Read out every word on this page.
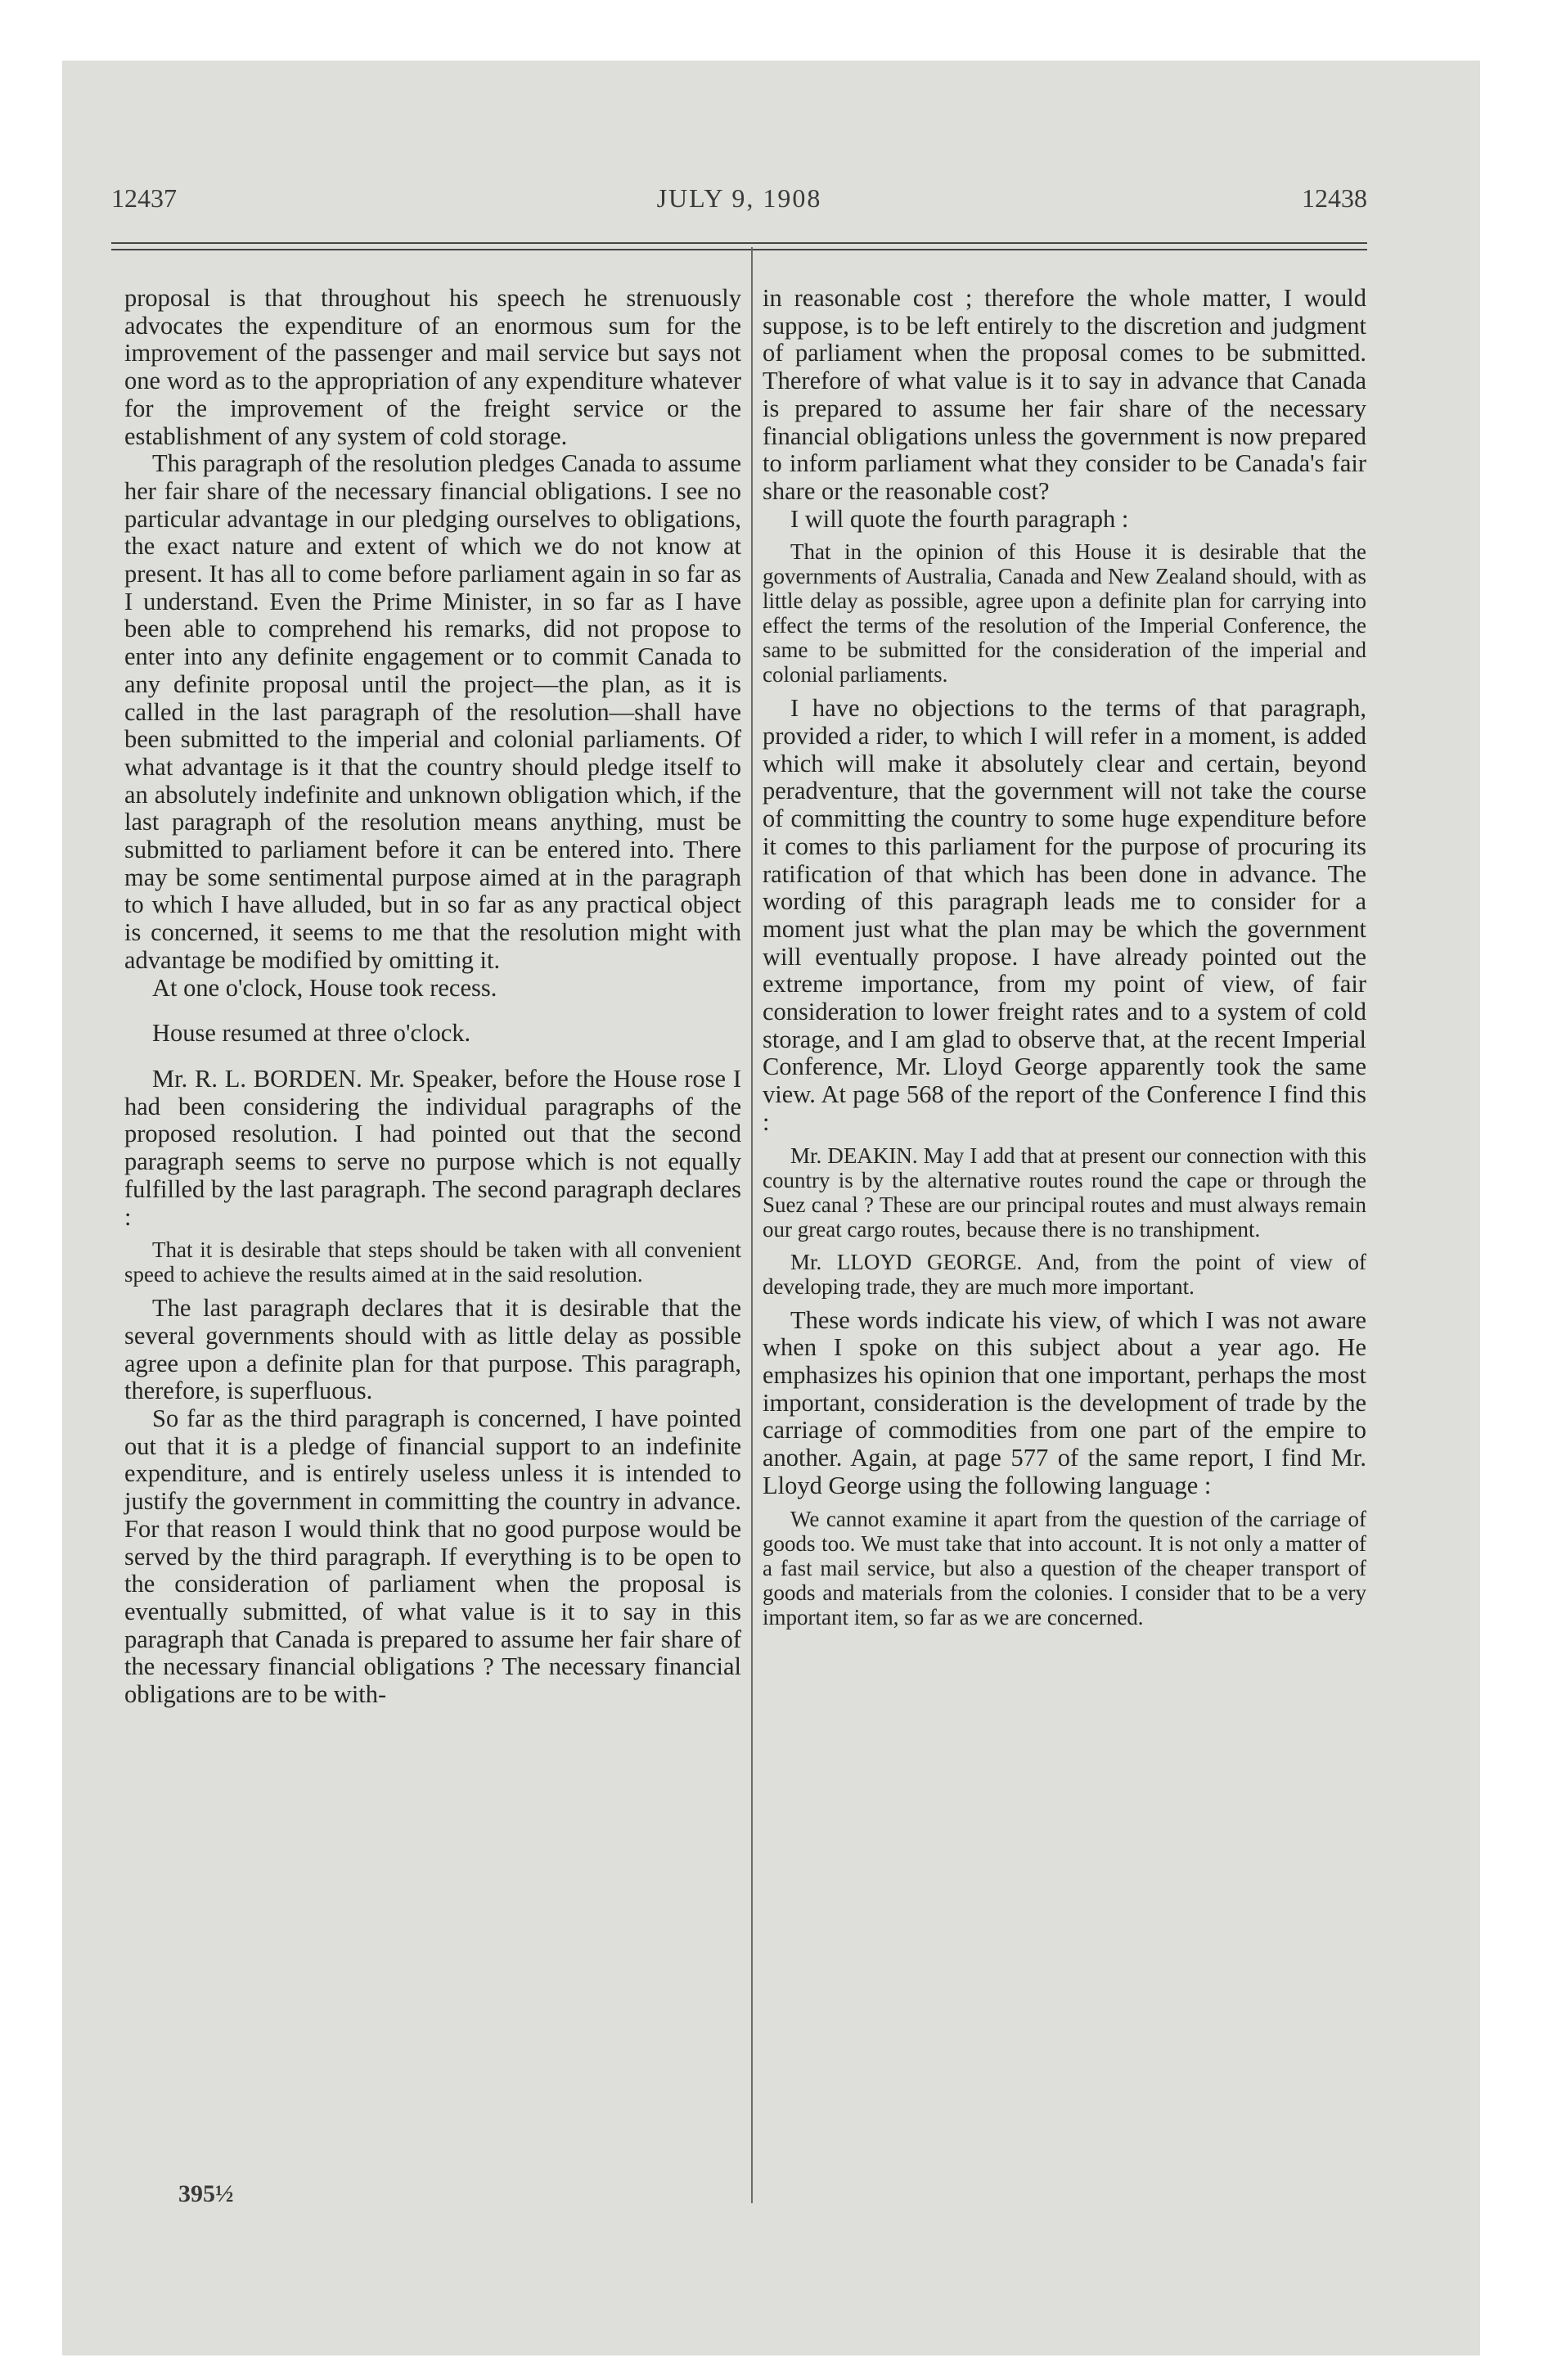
12437	JULY 9, 1908	12438

proposal is that throughout his speech he strenuously advocates the expenditure of an enormous sum for the improvement of the passenger and mail service but says not one word as to the appropriation of any expenditure whatever for the improvement of the freight service or the establishment of any system of cold storage.

This paragraph of the resolution pledges Canada to assume her fair share of the necessary financial obligations. I see no particular advantage in our pledging ourselves to obligations, the exact nature and extent of which we do not know at present. It has all to come before parliament again in so far as I understand. Even the Prime Minister, in so far as I have been able to comprehend his remarks, did not propose to enter into any definite engagement or to commit Canada to any definite proposal until the project—the plan, as it is called in the last paragraph of the resolution—shall have been submitted to the imperial and colonial parliaments. Of what advantage is it that the country should pledge itself to an absolutely indefinite and unknown obligation which, if the last paragraph of the resolution means anything, must be submitted to parliament before it can be entered into. There may be some sentimental purpose aimed at in the paragraph to which I have alluded, but in so far as any practical object is concerned, it seems to me that the resolution might with advantage be modified by omitting it.

At one o'clock, House took recess.

House resumed at three o'clock.

Mr. R. L. BORDEN. Mr. Speaker, before the House rose I had been considering the individual paragraphs of the proposed resolution. I had pointed out that the second paragraph seems to serve no purpose which is not equally fulfilled by the last paragraph. The second paragraph declares :

That it is desirable that steps should be taken with all convenient speed to achieve the results aimed at in the said resolution.

The last paragraph declares that it is desirable that the several governments should with as little delay as possible agree upon a definite plan for that purpose. This paragraph, therefore, is superfluous.

So far as the third paragraph is concerned, I have pointed out that it is a pledge of financial support to an indefinite expenditure, and is entirely useless unless it is intended to justify the government in committing the country in advance. For that reason I would think that no good purpose would be served by the third paragraph. If everything is to be open to the consideration of parliament when the proposal is eventually submitted, of what value is it to say in this paragraph that Canada is prepared to assume her fair share of the necessary financial obligations ? The necessary financial obligations are to be with-

in reasonable cost ; therefore the whole matter, I would suppose, is to be left entirely to the discretion and judgment of parliament when the proposal comes to be submitted. Therefore of what value is it to say in advance that Canada is prepared to assume her fair share of the necessary financial obligations unless the government is now prepared to inform parliament what they consider to be Canada's fair share or the reasonable cost?

I will quote the fourth paragraph :

That in the opinion of this House it is desirable that the governments of Australia, Canada and New Zealand should, with as little delay as possible, agree upon a definite plan for carrying into effect the terms of the resolution of the Imperial Conference, the same to be submitted for the consideration of the imperial and colonial parliaments.

I have no objections to the terms of that paragraph, provided a rider, to which I will refer in a moment, is added which will make it absolutely clear and certain, beyond peradventure, that the government will not take the course of committing the country to some huge expenditure before it comes to this parliament for the purpose of procuring its ratification of that which has been done in advance. The wording of this paragraph leads me to consider for a moment just what the plan may be which the government will eventually propose. I have already pointed out the extreme importance, from my point of view, of fair consideration to lower freight rates and to a system of cold storage, and I am glad to observe that, at the recent Imperial Conference, Mr. Lloyd George apparently took the same view. At page 568 of the report of the Conference I find this :

Mr. DEAKIN. May I add that at present our connection with this country is by the alternative routes round the cape or through the Suez canal ? These are our principal routes and must always remain our great cargo routes, because there is no transhipment.

Mr. LLOYD GEORGE. And, from the point of view of developing trade, they are much more important.

These words indicate his view, of which I was not aware when I spoke on this subject about a year ago. He emphasizes his opinion that one important, perhaps the most important, consideration is the development of trade by the carriage of commodities from one part of the empire to another. Again, at page 577 of the same report, I find Mr. Lloyd George using the following language :

We cannot examine it apart from the question of the carriage of goods too. We must take that into account. It is not only a matter of a fast mail service, but also a question of the cheaper transport of goods and materials from the colonies. I consider that to be a very important item, so far as we are concerned.

395½
